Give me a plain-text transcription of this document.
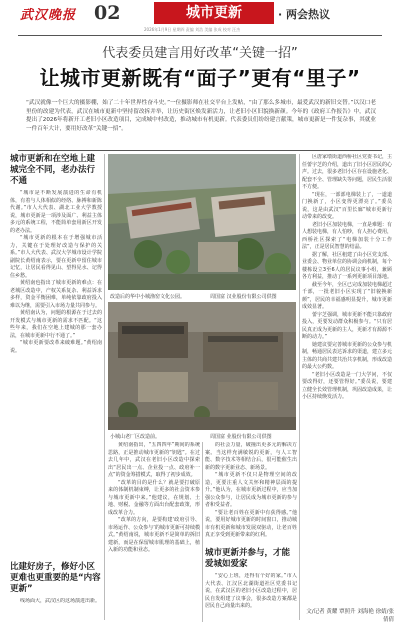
武汉晚报 02	城市更新	· 两会热议
2026年1月9日 星期四 责编 刘浩 美编 张成 校对 汪杰
代表委员建言用好改革“关键一招”
让城市更新既有“面子”更有“里子”
“武汉就像一个巨大的摄影棚，始了二十年世界性奋斗史。”一位摄影师在社交平台上发帖，“由了那么多城市，最爱武汉的新旧交替。”以汉口老里份的改建为代表，武汉在城市更新中坚持留改拆并举，让历史街区焕发新活力，让老旧小区旧貌换新颜。今年的《政府工作报告》中，武汉提出了2026年将新开工老旧小区改造项目，完成城中村改造，推动城市有机更新。代表委员们纷纷建言献策，城市更新是一件复杂事，其就业一件百年大计，要用好改革“关键一招”。
城市更新和在空地上建城完全不同，老办法行不通

“城市是不断发展演进的生命有机体，有着与人体相似的经络、脉搏和新陈代谢。”市人大代表、湖北工业大学教授说，城市更新是一项涉及面广、利益主体多元的系统工程，不能简单套用新区开发的老办法。

“城市更新的根本在于增强城市活力，关键在于处理好改造与保护的关系。”市人大代表、武汉大学城市设计学院副院长黄绍南表示，要在更新中留住城市记忆，让居民看得见山、望得见水、记得住乡愁。

黄绍南也指出了城市更新的难点：在老城区改造中，产权关系复杂、利益诉求多样，资金平衡困难，单纯依靠政府投入难以为继，需要引入市场力量共同参与。

黄绍南认为，问题的根源在于过去的开发模式与城市更新的需求不匹配。“这些年来，我们在空地上建城的那一套办法，在城市更新中行不通了。”

“城市更新要改革来破难题。”黄绍南说。

比建好房子，修好小区更难也更重要的是“内容更新”

线场面大，武汉区的这场演进出新。

改造后的华中小城渔窑文化公园。	周国富 汉业股份有限公司供图
小城山老厂区改造前。	周国富 业股份有限公司供图

黄绍南指出，“五四四年”期间的系统思路，正是推动城市更新的“钥匙”。在过去几年中，武汉在老旧小区改造中探索出“居民出一点、企业投一点、政府补一点”的资金筹措模式，取得了初步成效。

“改革的目的是什么？就是要打破原来的体制机制束缚，让更多的社会资本参与城市更新中来。”他建议，在规划、土地、财税、金融等方面出台配套政策，形成改革合力。

“改革的方向，是要构建‘政府引导、市场运作、公众参与’的城市更新可持续模式。”黄绍南说，城市更新不是简单的拆旧建新，而是在保留城市肌理的基础上，植入新的功能和业态。

的社会力量，破撞出更多元的解决方案。当这样充满敏锐的更新，与人工智能、数字技术等相结合后，很可能催生出新的数字更新业态、新场景。

“城市更新不仅只是物理空间的改造，更要注重人文关怀和精神层面的提升。”他认为，在城市更新过程中，应当加强公众参与，让居民成为城市更新的参与者和受益者。

“要让老百姓在更新中有获得感。”他说，要用好城市更新的时间窗口，推动城市有机更新和城市发展双驱动，让老百姓真正享受到更新带来的红利。

城市更新并参与，才能爱城如爱家

“安心上班，还得有个好的家。”市人大代表、江汉区北湖街道社区党委书记说，在武汉区的老旧小区改造过程中，居民自发组建了议事会，很多改造方案都是居民自己商量出来的。

区唐家墩街道西桥社区党委书记，主任蕾宇芝的介绍，道出了旧小区居民的心声。过去，很多老旧小区存在设施老化、配套不全、管理缺失等问题，居民生活很不方便。

“现在，一部部电梯装上了，一道道门换新了，小区变得更漂亮了。”委员说，这是由武汉“百里长廊”城市更新行动带来的改变。

老旧小区加装电梯，一直是难题：有人想装电梯，有人怕吵，有人担心费用，西桥社区探索了“电梯加装十分工作法”，正是居民智慧的结晶。

据了解，社区租建了由小区党支部、业委会、物业单位的协调会商机制，每个楼栋设立3至6人的居民议事小组，兼顾各方利益，推动了一系列更新项目落地。

截至今年，全区已完成加装电梯超过千部，一批老旧小区实现了“旧貌换新颜”，居民的幸福感明显提升，城市更新成效显著。

蕾宇芝强调，城市更新不能只靠政府投入，更要发动群众积极参与。“只有居民真正成为更新的主人，更新才有源源不断的动力。”

她建议要完善城市更新的公众参与机制，畅通居民表达诉求的渠道，建立多元主体的共商共建共治共享机制，形成改造的最大公约数。

“老旧小区改造是一门大学问，不仅要改得好，还要管得好。”委员说，要建立健全长效管理机制，巩固改造成果，让小区持续焕发活力。

文/记者 黄耀 覃照升 刘海艳 徐婧/张倩倩
